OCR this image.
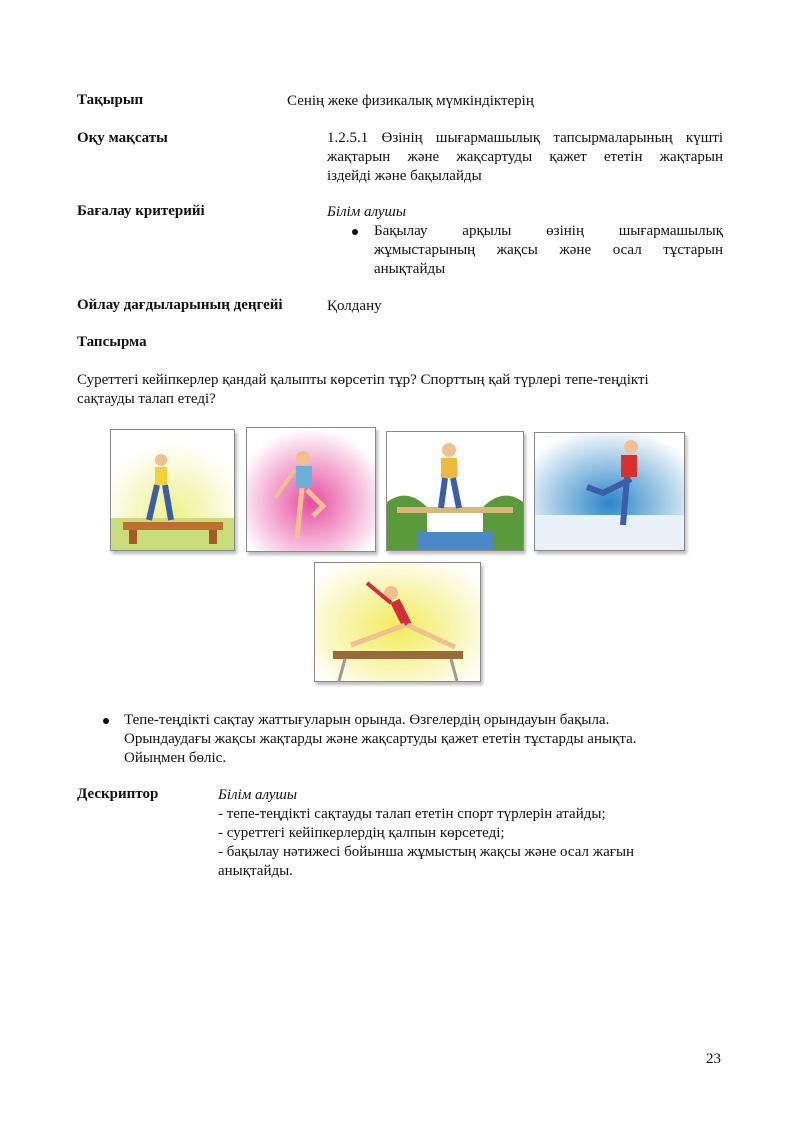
Тақырып	Сенің жеке физикалық мүмкіндіктерің
Оқу мақсаты	1.2.5.1 Өзінің шығармашылық тапсырмаларының күшті
жақтарын және жақсартуды қажет ететін жақтарын
іздейді және бақылайды
Бағалау критерийі	Білім алушы
Бақылау арқылы өзінің шығармашылық
жұмыстарының жақсы және осал тұстарын
анықтайды
Ойлау дағдыларының деңгейі	Қолдану
Тапсырма
Суреттегі кейіпкерлер қандай қалыпты көрсетіп тұр? Спорттың қай түрлері тепе-теңдікті
сақтауды талап етеді?
Тепе-теңдікті сақтау жаттығуларын орында. Өзгелердің орындауын бақыла.
Орындаудағы жақсы жақтарды және жақсартуды қажет ететін тұстарды анықта.
Ойыңмен бөліс.
Дескриптор	Білім алушы
- тепе-теңдікті сақтауды талап ететін спорт түрлерін атайды;
- суреттегі кейіпкерлердің қалпын көрсетеді;
- бақылау нәтижесі бойынша жұмыстың жақсы және осал жағын
анықтайды.
23
